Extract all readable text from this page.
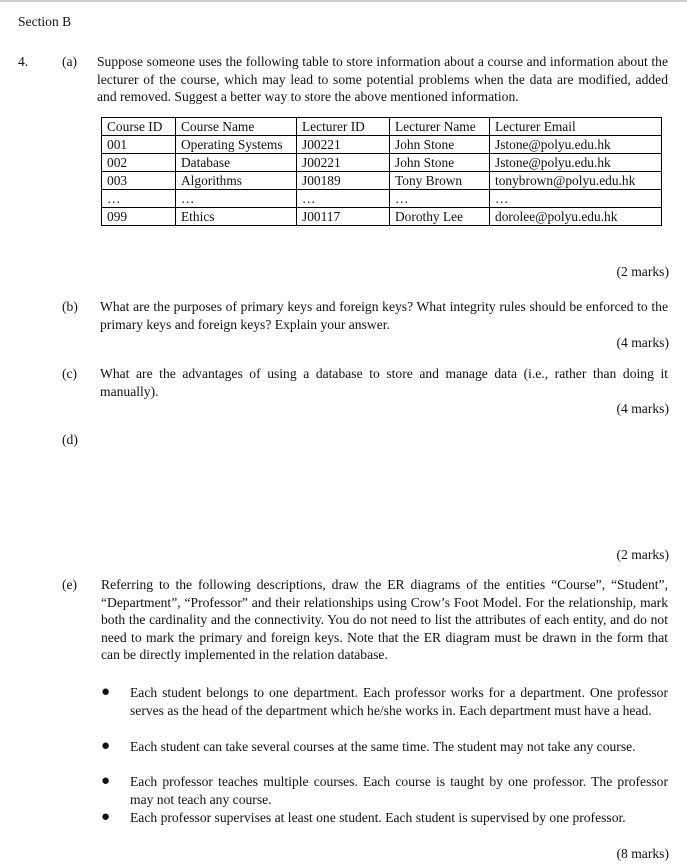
Section B
4. (a) Suppose someone uses the following table to store information about a course and information about the lecturer of the course, which may lead to some potential problems when the data are modified, added and removed. Suggest a better way to store the above mentioned information.
Course ID	Course Name	Lecturer ID	Lecturer Name	Lecturer Email
001	Operating Systems	J00221	John Stone	Jstone@polyu.edu.hk
002	Database	J00221	John Stone	Jstone@polyu.edu.hk
003	Algorithms	J00189	Tony Brown	tonybrown@polyu.edu.hk
…	…	…	…	…
099	Ethics	J00117	Dorothy Lee	dorolee@polyu.edu.hk
(2 marks)
(b) What are the purposes of primary keys and foreign keys? What integrity rules should be enforced to the primary keys and foreign keys? Explain your answer.
(4 marks)
(c) What are the advantages of using a database to store and manage data (i.e., rather than doing it manually).
(4 marks)
(d)
(2 marks)
(e) Referring to the following descriptions, draw the ER diagrams of the entities “Course”, “Student”, “Department”, “Professor” and their relationships using Crow’s Foot Model. For the relationship, mark both the cardinality and the connectivity. You do not need to list the attributes of each entity, and do not need to mark the primary and foreign keys. Note that the ER diagram must be drawn in the form that can be directly implemented in the relation database.
● Each student belongs to one department. Each professor works for a department. One professor serves as the head of the department which he/she works in. Each department must have a head.
● Each student can take several courses at the same time. The student may not take any course.
● Each professor teaches multiple courses. Each course is taught by one professor. The professor may not teach any course.
● Each professor supervises at least one student. Each student is supervised by one professor.
(8 marks)
